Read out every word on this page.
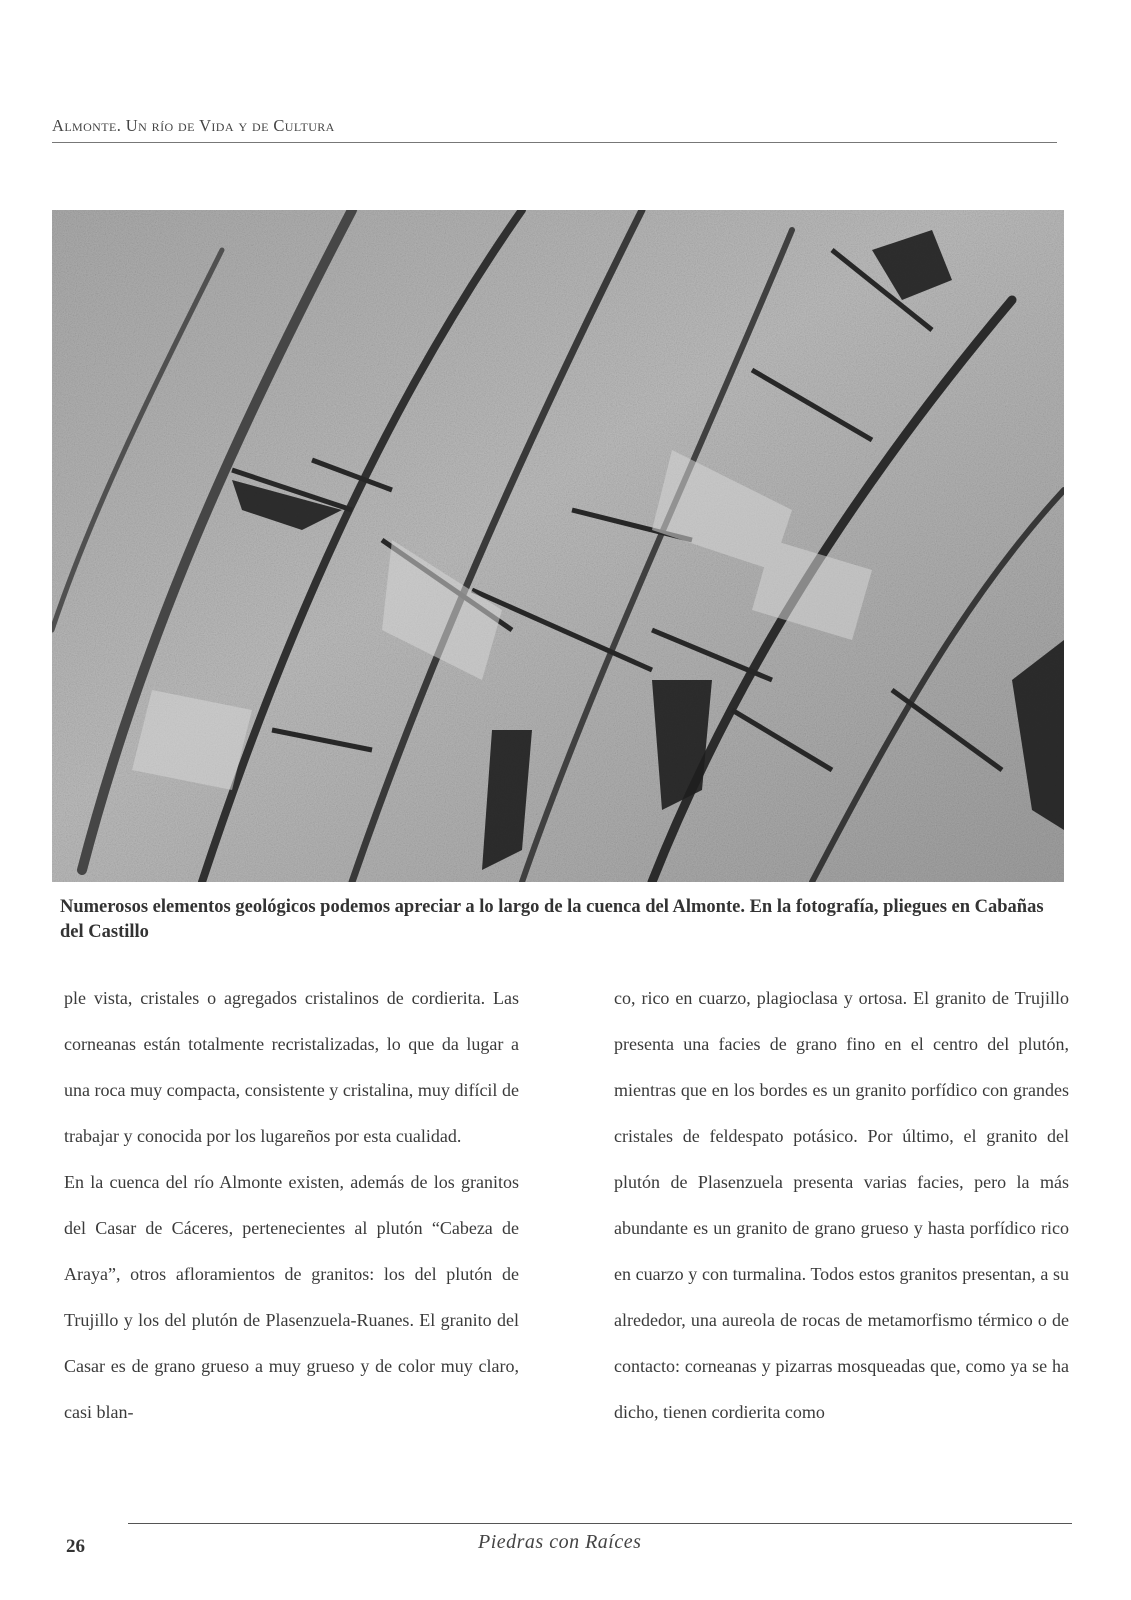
Almonte. Un río de Vida y de Cultura
Numerosos elementos geológicos podemos apreciar a lo largo de la cuenca del Almonte. En la fotografía, pliegues en Cabañas del Castillo

ple vista, cristales o agregados cristalinos de cordierita. Las corneanas están totalmente recristalizadas, lo que da lugar a una roca muy compacta, consistente y cristalina, muy difícil de trabajar y conocida por los lugareños por esta cualidad.

En la cuenca del río Almonte existen, además de los granitos del Casar de Cáceres, pertenecientes al plutón “Cabeza de Araya”, otros afloramientos de granitos: los del plutón de Trujillo y los del plutón de Plasenzuela-Ruanes. El granito del Casar es de grano grueso a muy grueso y de color muy claro, casi blan-

co, rico en cuarzo, plagioclasa y ortosa. El granito de Trujillo presenta una facies de grano fino en el centro del plutón, mientras que en los bordes es un granito porfídico con grandes cristales de feldespato potásico. Por último, el granito del plutón de Plasenzuela presenta varias facies, pero la más abundante es un granito de grano grueso y hasta porfídico rico en cuarzo y con turmalina. Todos estos granitos presentan, a su alrededor, una aureola de rocas de metamorfismo térmico o de contacto: corneanas y pizarras mosqueadas que, como ya se ha dicho, tienen cordierita como

26	Piedras con Raíces
